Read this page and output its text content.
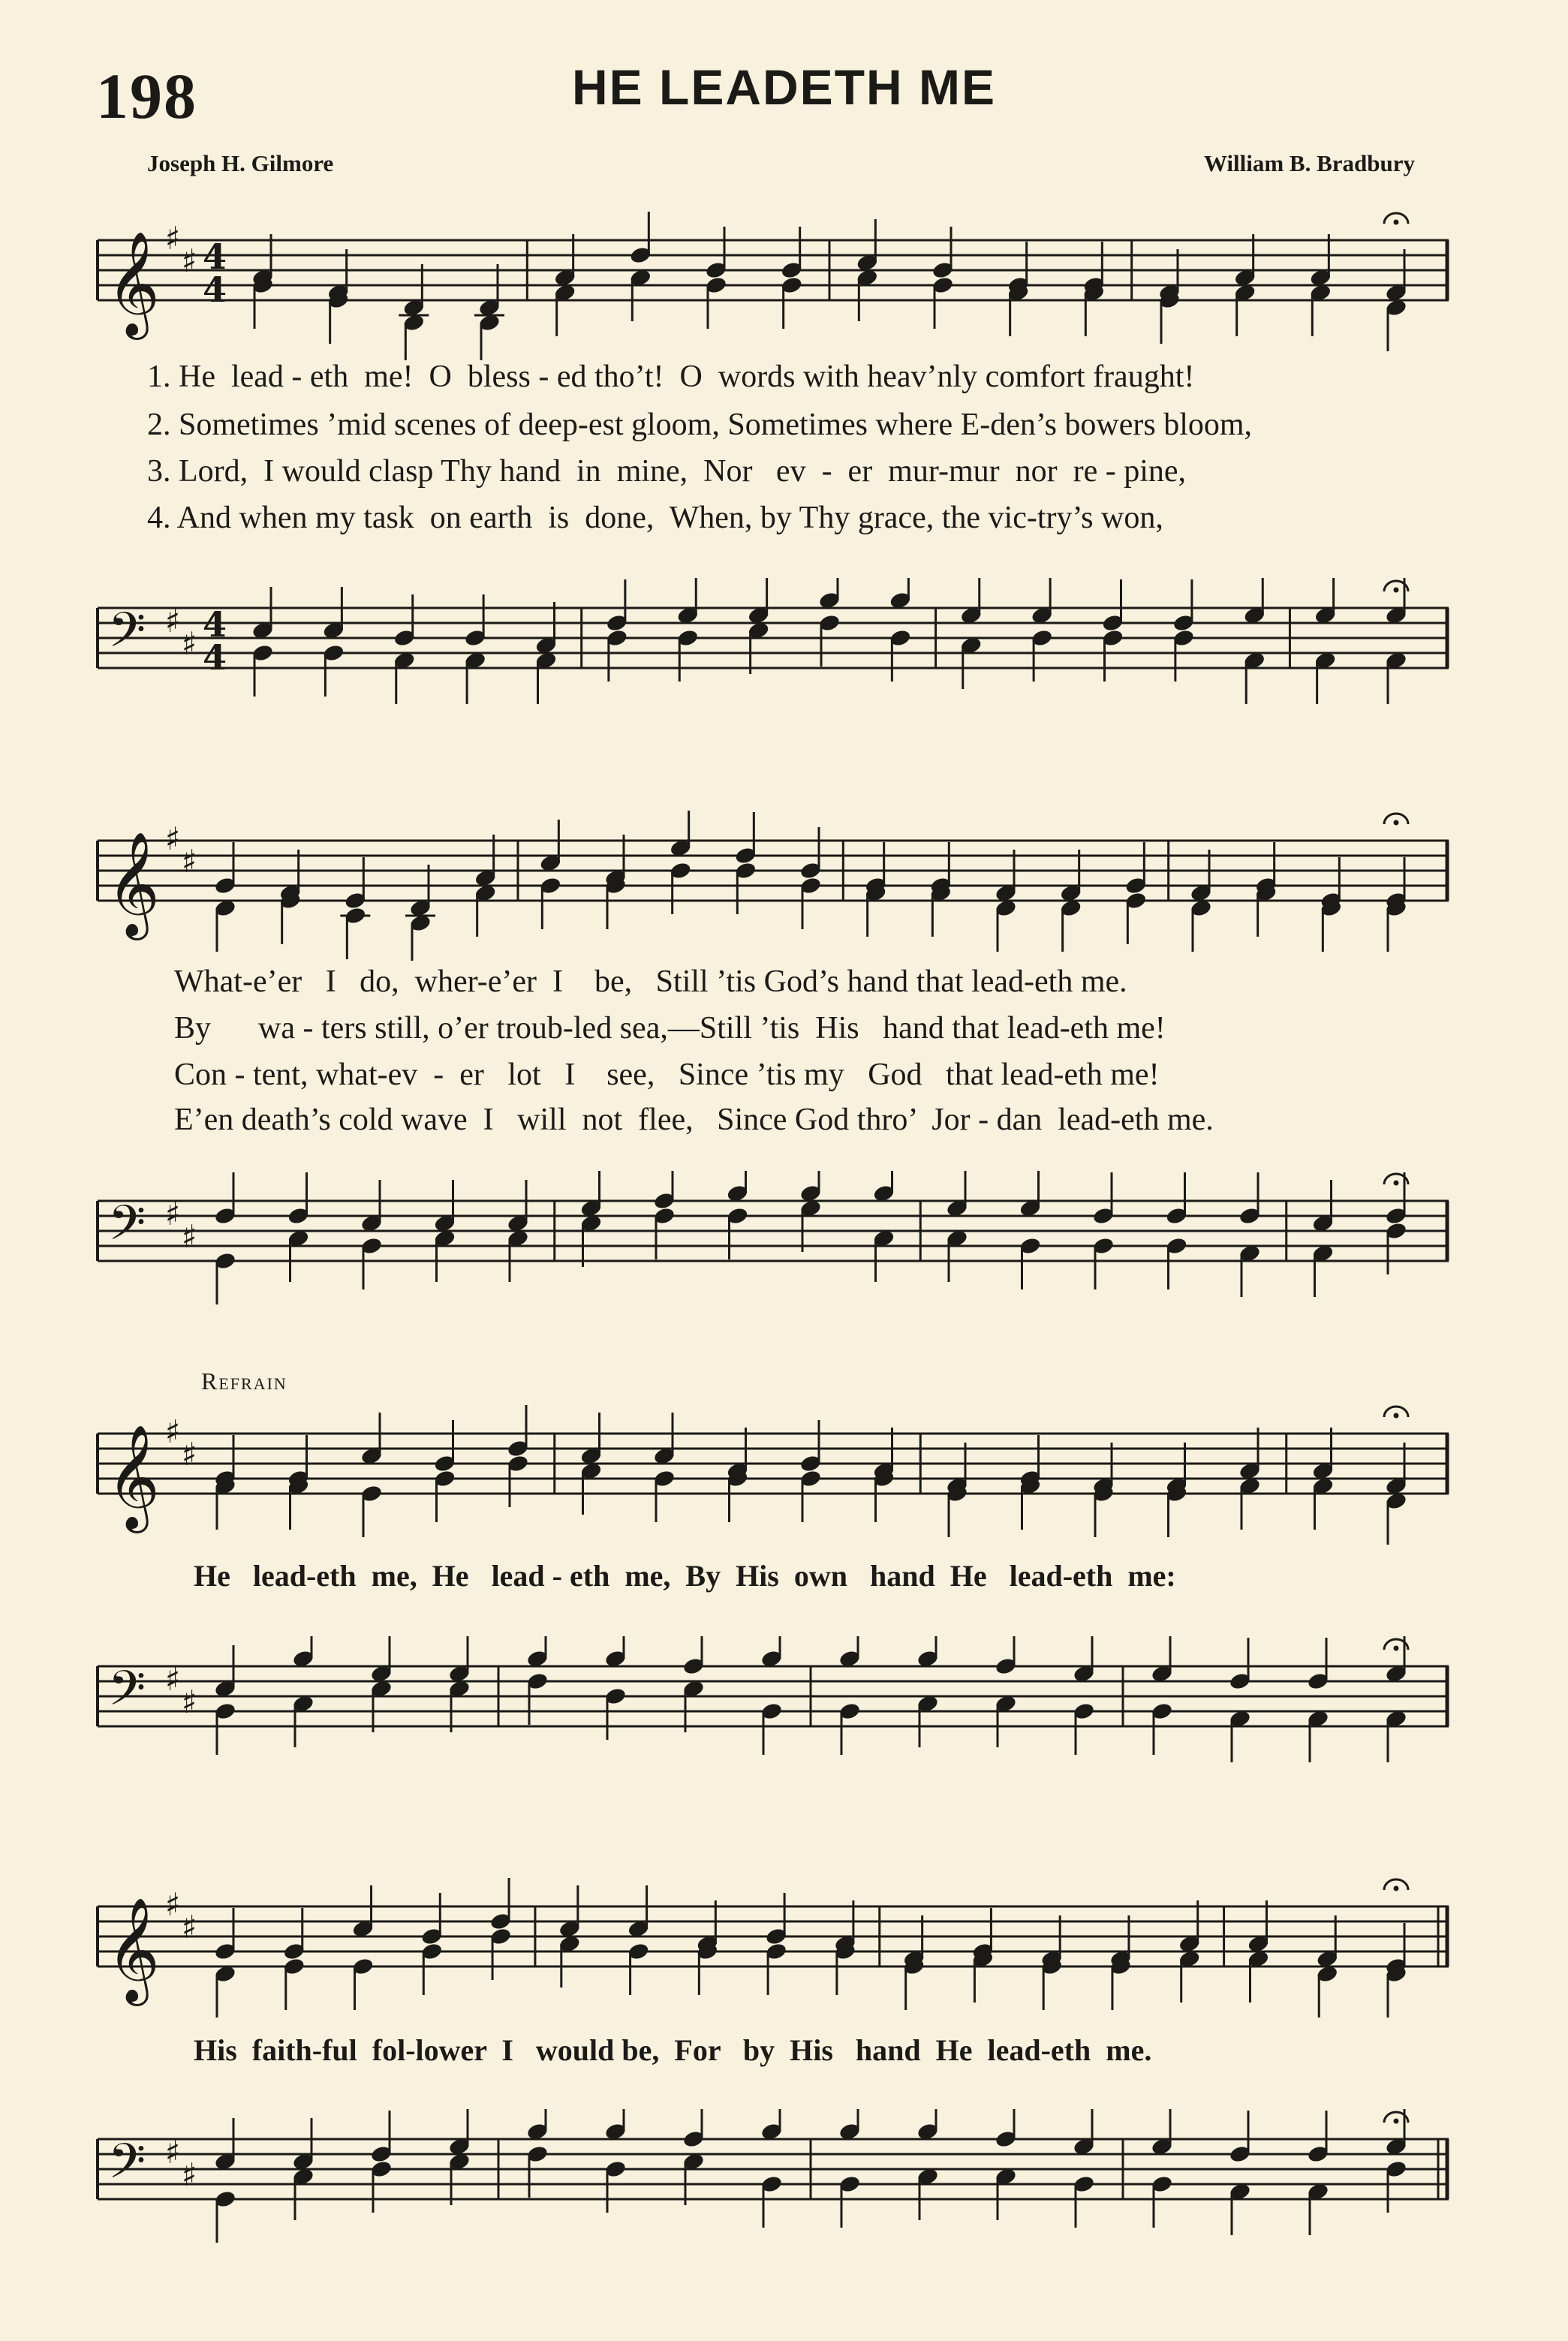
198	HE LEADETH ME
Joseph H. Gilmore	William B. Bradbury
𝄞 ♯
♯ 4
4
1. He  lead - eth  me!  O  bless - ed tho’t!  O  words with heav’nly comfort fraught!
2. Sometimes ’mid scenes of deep-est gloom, Sometimes where E-den’s bowers bloom,
3. Lord,  I would clasp Thy hand  in  mine,  Nor   ev  -  er  mur-mur  nor  re - pine,
4. And when my task  on earth  is  done,  When, by Thy grace, the vic-try’s won,
𝄢 ♯
♯ 4
4
𝄞 ♯
♯
What-e’er   I   do,  wher-e’er  I    be,   Still ’tis God’s hand that lead-eth me.
By      wa - ters still, o’er troub-led sea,—Still ’tis  His   hand that lead-eth me!
Con - tent, what-ev  -  er   lot   I    see,   Since ’tis my   God   that lead-eth me!
E’en death’s cold wave  I   will  not  flee,   Since God thro’  Jor - dan  lead-eth me.
𝄢 ♯
♯
Refrain
𝄞 ♯
♯
He   lead-eth  me,  He   lead - eth  me,  By  His  own   hand  He   lead-eth  me:
𝄢 ♯
♯
𝄞 ♯
♯
His  faith-ful  fol-lower  I   would be,  For   by  His   hand  He  lead-eth  me.
𝄢 ♯
♯
